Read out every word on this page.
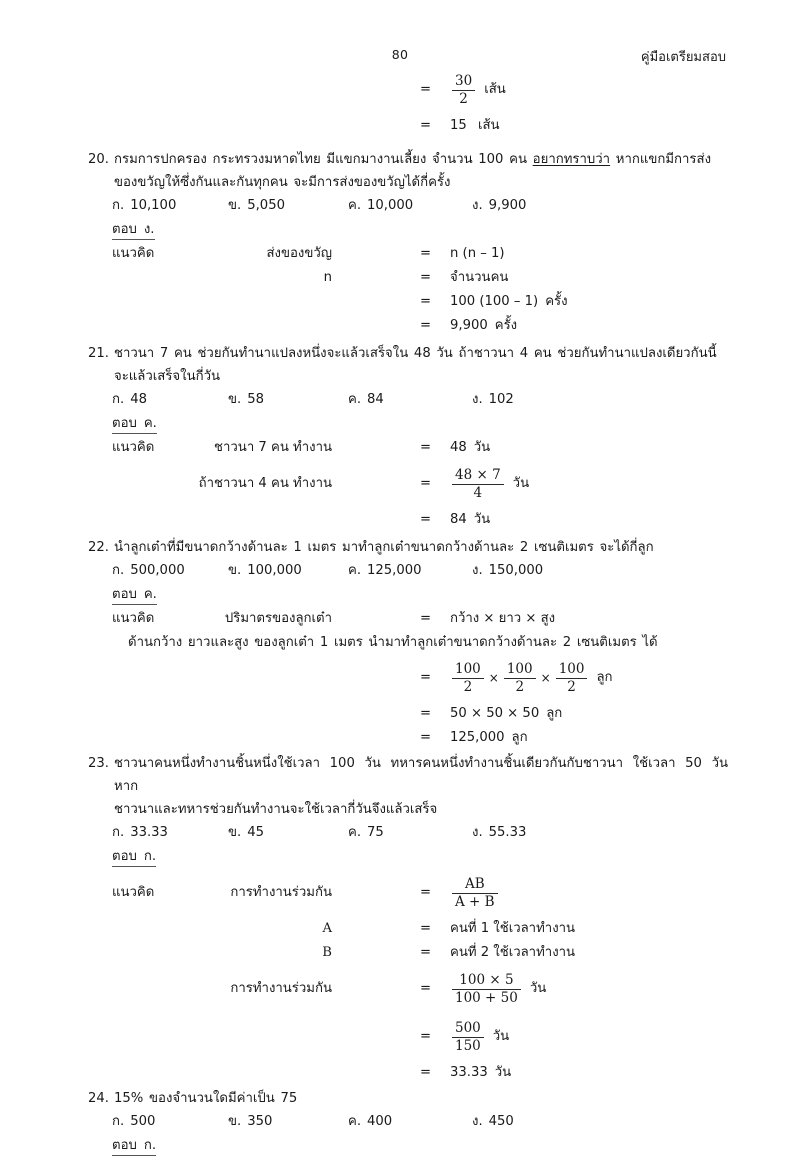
80	คู่มือเตรียมสอบ
= $\frac{30}{2}$ เส้น
= 15 เส้น
20. กรมการปกครอง กระทรวงมหาดไทย มีแขกมางานเลี้ยง จำนวน 100 คน อยากทราบว่า หากแขกมีการส่ง
ของขวัญให้ซึ่งกันและกันทุกคน จะมีการส่งของขวัญได้กี่ครั้ง
ก. 10,100	ข. 5,050	ค. 10,000	ง. 9,900
ตอบ ง.
แนวคิด	ส่งของขวัญ	= n (n – 1)
n	= จำนวนคน
= 100 (100 – 1) ครั้ง
= 9,900 ครั้ง
21. ชาวนา 7 คน ช่วยกันทำนาแปลงหนึ่งจะแล้วเสร็จใน 48 วัน ถ้าชาวนา 4 คน ช่วยกันทำนาแปลงเดียวกันนี้
จะแล้วเสร็จในกี่วัน
ก. 48	ข. 58	ค. 84	ง. 102
ตอบ ค.
แนวคิด	ชาวนา 7 คน ทำงาน	= 48 วัน
ถ้าชาวนา 4 คน ทำงาน	= $\frac{48 \times 7}{4}$ วัน
= 84 วัน
22. นำลูกเต๋าที่มีขนาดกว้างด้านละ 1 เมตร มาทำลูกเต๋าขนาดกว้างด้านละ 2 เซนติเมตร จะได้กี่ลูก
ก. 500,000	ข. 100,000	ค. 125,000	ง. 150,000
ตอบ ค.
แนวคิด	ปริมาตรของลูกเต๋า	= กว้าง × ยาว × สูง
ด้านกว้าง ยาวและสูง ของลูกเต๋า 1 เมตร นำมาทำลูกเต๋าขนาดกว้างด้านละ 2 เซนติเมตร ได้
= $\frac{100}{2} \times \frac{100}{2} \times \frac{100}{2}$ ลูก
= 50 × 50 × 50 ลูก
= 125,000 ลูก
23. ชาวนาคนหนึ่งทำงานชิ้นหนึ่งใช้เวลา 100 วัน ทหารคนหนึ่งทำงานชิ้นเดียวกันกับชาวนา ใช้เวลา 50 วัน หาก
ชาวนาและทหารช่วยกันทำงานจะใช้เวลากี่วันจึงแล้วเสร็จ
ก. 33.33	ข. 45	ค. 75	ง. 55.33
ตอบ ก.
แนวคิด	การทำงานร่วมกัน	= $\frac{AB}{A + B}$
A	= คนที่ 1 ใช้เวลาทำงาน
B	= คนที่ 2 ใช้เวลาทำงาน
การทำงานร่วมกัน	= $\frac{100 \times 5}{100 + 50}$ วัน
= $\frac{500}{150}$ วัน
= 33.33 วัน
24. 15% ของจำนวนใดมีค่าเป็น 75
ก. 500	ข. 350	ค. 400	ง. 450
ตอบ ก.
